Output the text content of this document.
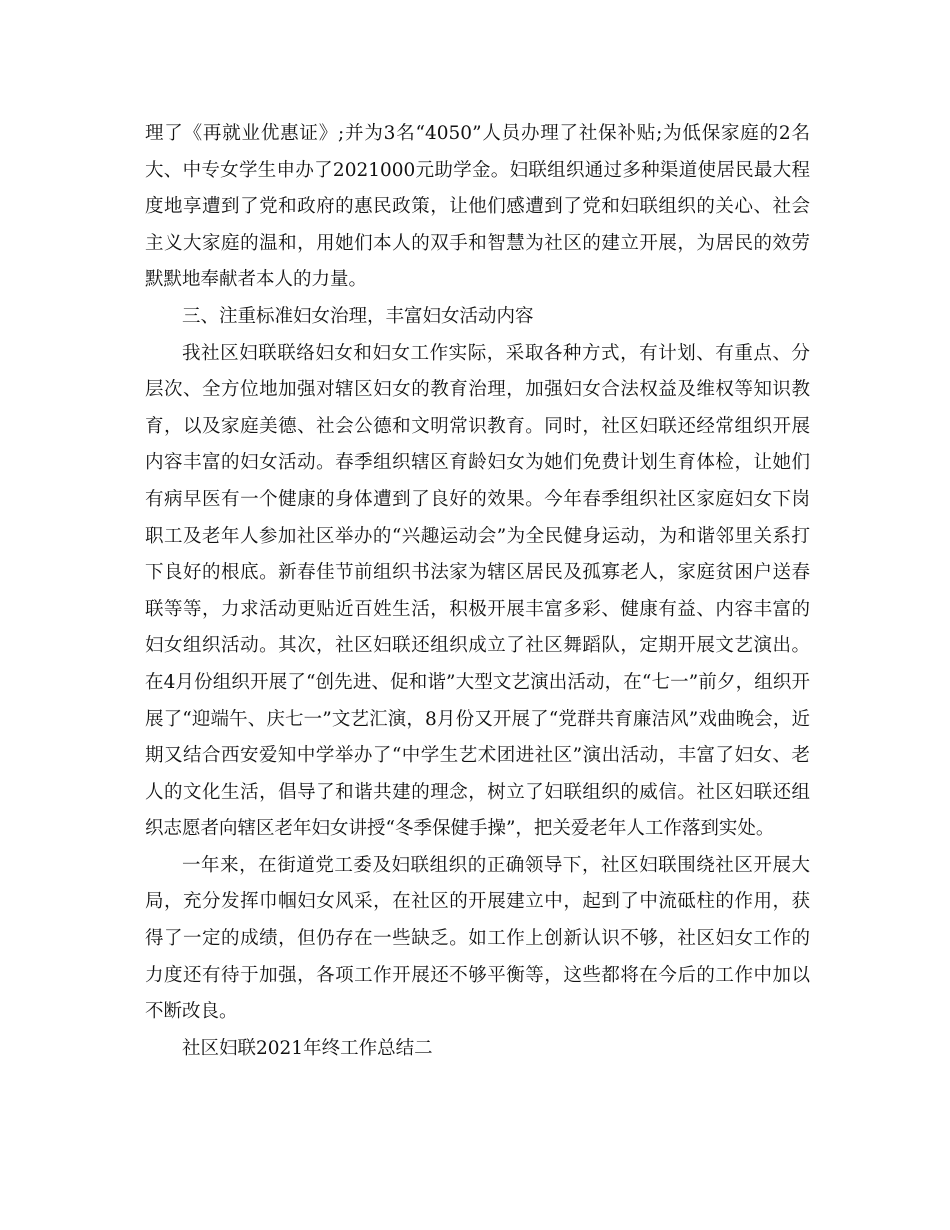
理了《再就业优惠证》;并为3名“4050”人员办理了社保补贴;为低保家庭的2名大、中专女学生申办了2021000元助学金。妇联组织通过多种渠道使居民最大程度地享遭到了党和政府的惠民政策，让他们感遭到了党和妇联组织的关心、社会主义大家庭的温和，用她们本人的双手和智慧为社区的建立开展，为居民的效劳默默地奉献者本人的力量。

三、注重标准妇女治理，丰富妇女活动内容

我社区妇联联络妇女和妇女工作实际，采取各种方式，有计划、有重点、分层次、全方位地加强对辖区妇女的教育治理，加强妇女合法权益及维权等知识教育，以及家庭美德、社会公德和文明常识教育。同时，社区妇联还经常组织开展内容丰富的妇女活动。春季组织辖区育龄妇女为她们免费计划生育体检，让她们有病早医有一个健康的身体遭到了良好的效果。今年春季组织社区家庭妇女下岗职工及老年人参加社区举办的“兴趣运动会”为全民健身运动，为和谐邻里关系打下良好的根底。新春佳节前组织书法家为辖区居民及孤寡老人，家庭贫困户送春联等等，力求活动更贴近百姓生活，积极开展丰富多彩、健康有益、内容丰富的妇女组织活动。其次，社区妇联还组织成立了社区舞蹈队，定期开展文艺演出。在4月份组织开展了“创先进、促和谐”大型文艺演出活动，在“七一”前夕，组织开展了“迎端午、庆七一”文艺汇演，8月份又开展了“党群共育廉洁风”戏曲晚会，近期又结合西安爱知中学举办了“中学生艺术团进社区”演出活动，丰富了妇女、老人的文化生活，倡导了和谐共建的理念，树立了妇联组织的威信。社区妇联还组织志愿者向辖区老年妇女讲授“冬季保健手操”，把关爱老年人工作落到实处。

一年来，在街道党工委及妇联组织的正确领导下，社区妇联围绕社区开展大局，充分发挥巾帼妇女风采，在社区的开展建立中，起到了中流砥柱的作用，获得了一定的成绩，但仍存在一些缺乏。如工作上创新认识不够，社区妇女工作的力度还有待于加强，各项工作开展还不够平衡等，这些都将在今后的工作中加以不断改良。

社区妇联2021年终工作总结二
